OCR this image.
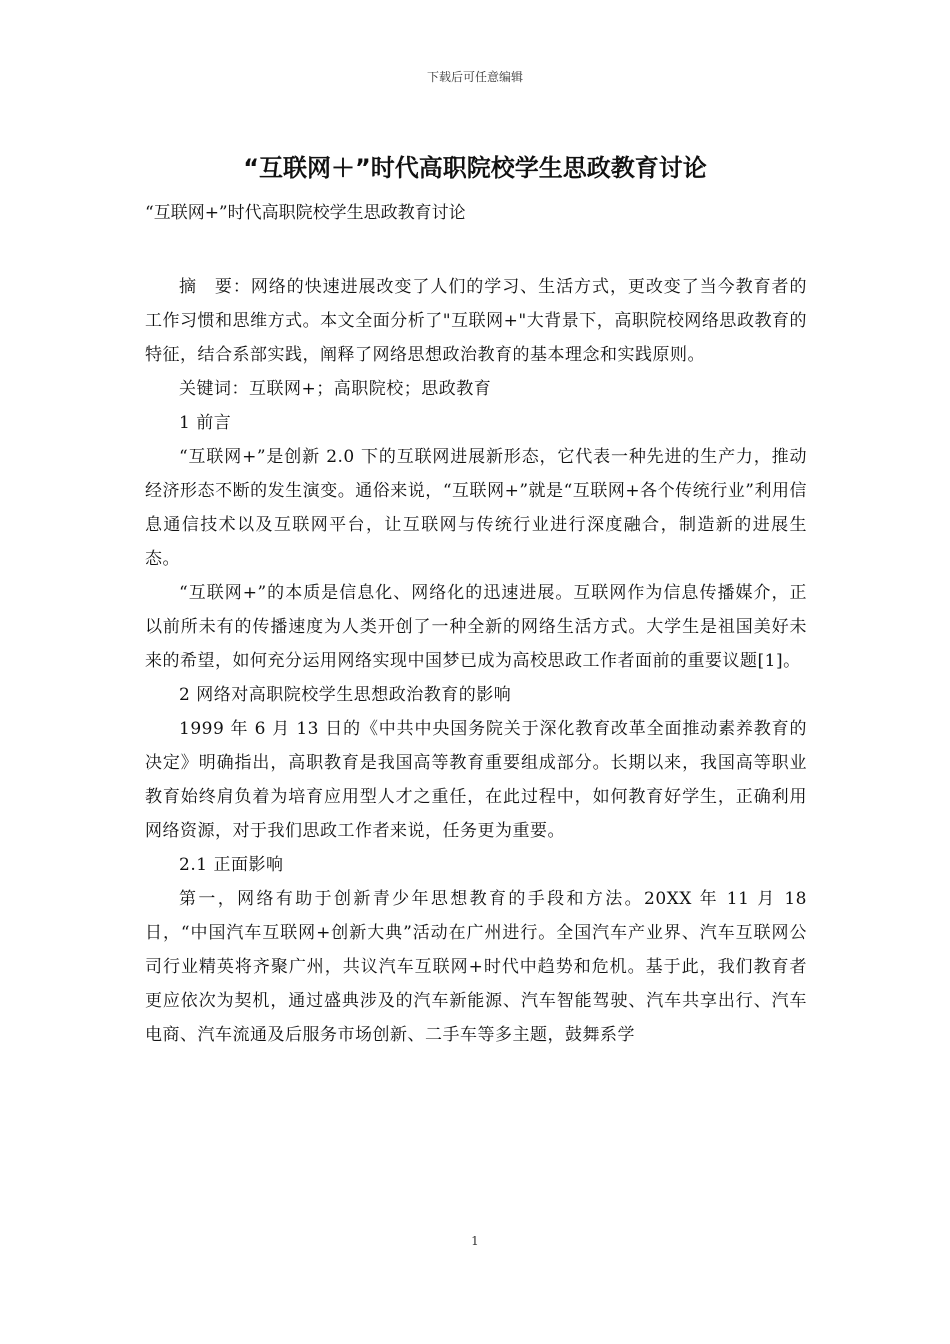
下载后可任意编辑
“互联网＋”时代高职院校学生思政教育讨论

“互联网+”时代高职院校学生思政教育讨论

摘　要：网络的快速进展改变了人们的学习、生活方式，更改变了当今教育者的工作习惯和思维方式。本文全面分析了"互联网+"大背景下，高职院校网络思政教育的特征，结合系部实践，阐释了网络思想政治教育的基本理念和实践原则。

关键词：互联网+；高职院校；思政教育

1 前言

“互联网+”是创新 2.0 下的互联网进展新形态，它代表一种先进的生产力，推动经济形态不断的发生演变。通俗来说，“互联网+”就是“互联网+各个传统行业”利用信息通信技术以及互联网平台，让互联网与传统行业进行深度融合，制造新的进展生态。

“互联网+”的本质是信息化、网络化的迅速进展。互联网作为信息传播媒介，正以前所未有的传播速度为人类开创了一种全新的网络生活方式。大学生是祖国美好未来的希望，如何充分运用网络实现中国梦已成为高校思政工作者面前的重要议题[1]。

2 网络对高职院校学生思想政治教育的影响

1999 年 6 月 13 日的《中共中央国务院关于深化教育改革全面推动素养教育的决定》明确指出，高职教育是我国高等教育重要组成部分。长期以来，我国高等职业教育始终肩负着为培育应用型人才之重任，在此过程中，如何教育好学生，正确利用网络资源，对于我们思政工作者来说，任务更为重要。

2.1 正面影响

第一，网络有助于创新青少年思想教育的手段和方法。20XX 年 11 月 18 日，“中国汽车互联网+创新大典”活动在广州进行。全国汽车产业界、汽车互联网公司行业精英将齐聚广州，共议汽车互联网+时代中趋势和危机。基于此，我们教育者更应依次为契机，通过盛典涉及的汽车新能源、汽车智能驾驶、汽车共享出行、汽车电商、汽车流通及后服务市场创新、二手车等多主题，鼓舞系学

1
